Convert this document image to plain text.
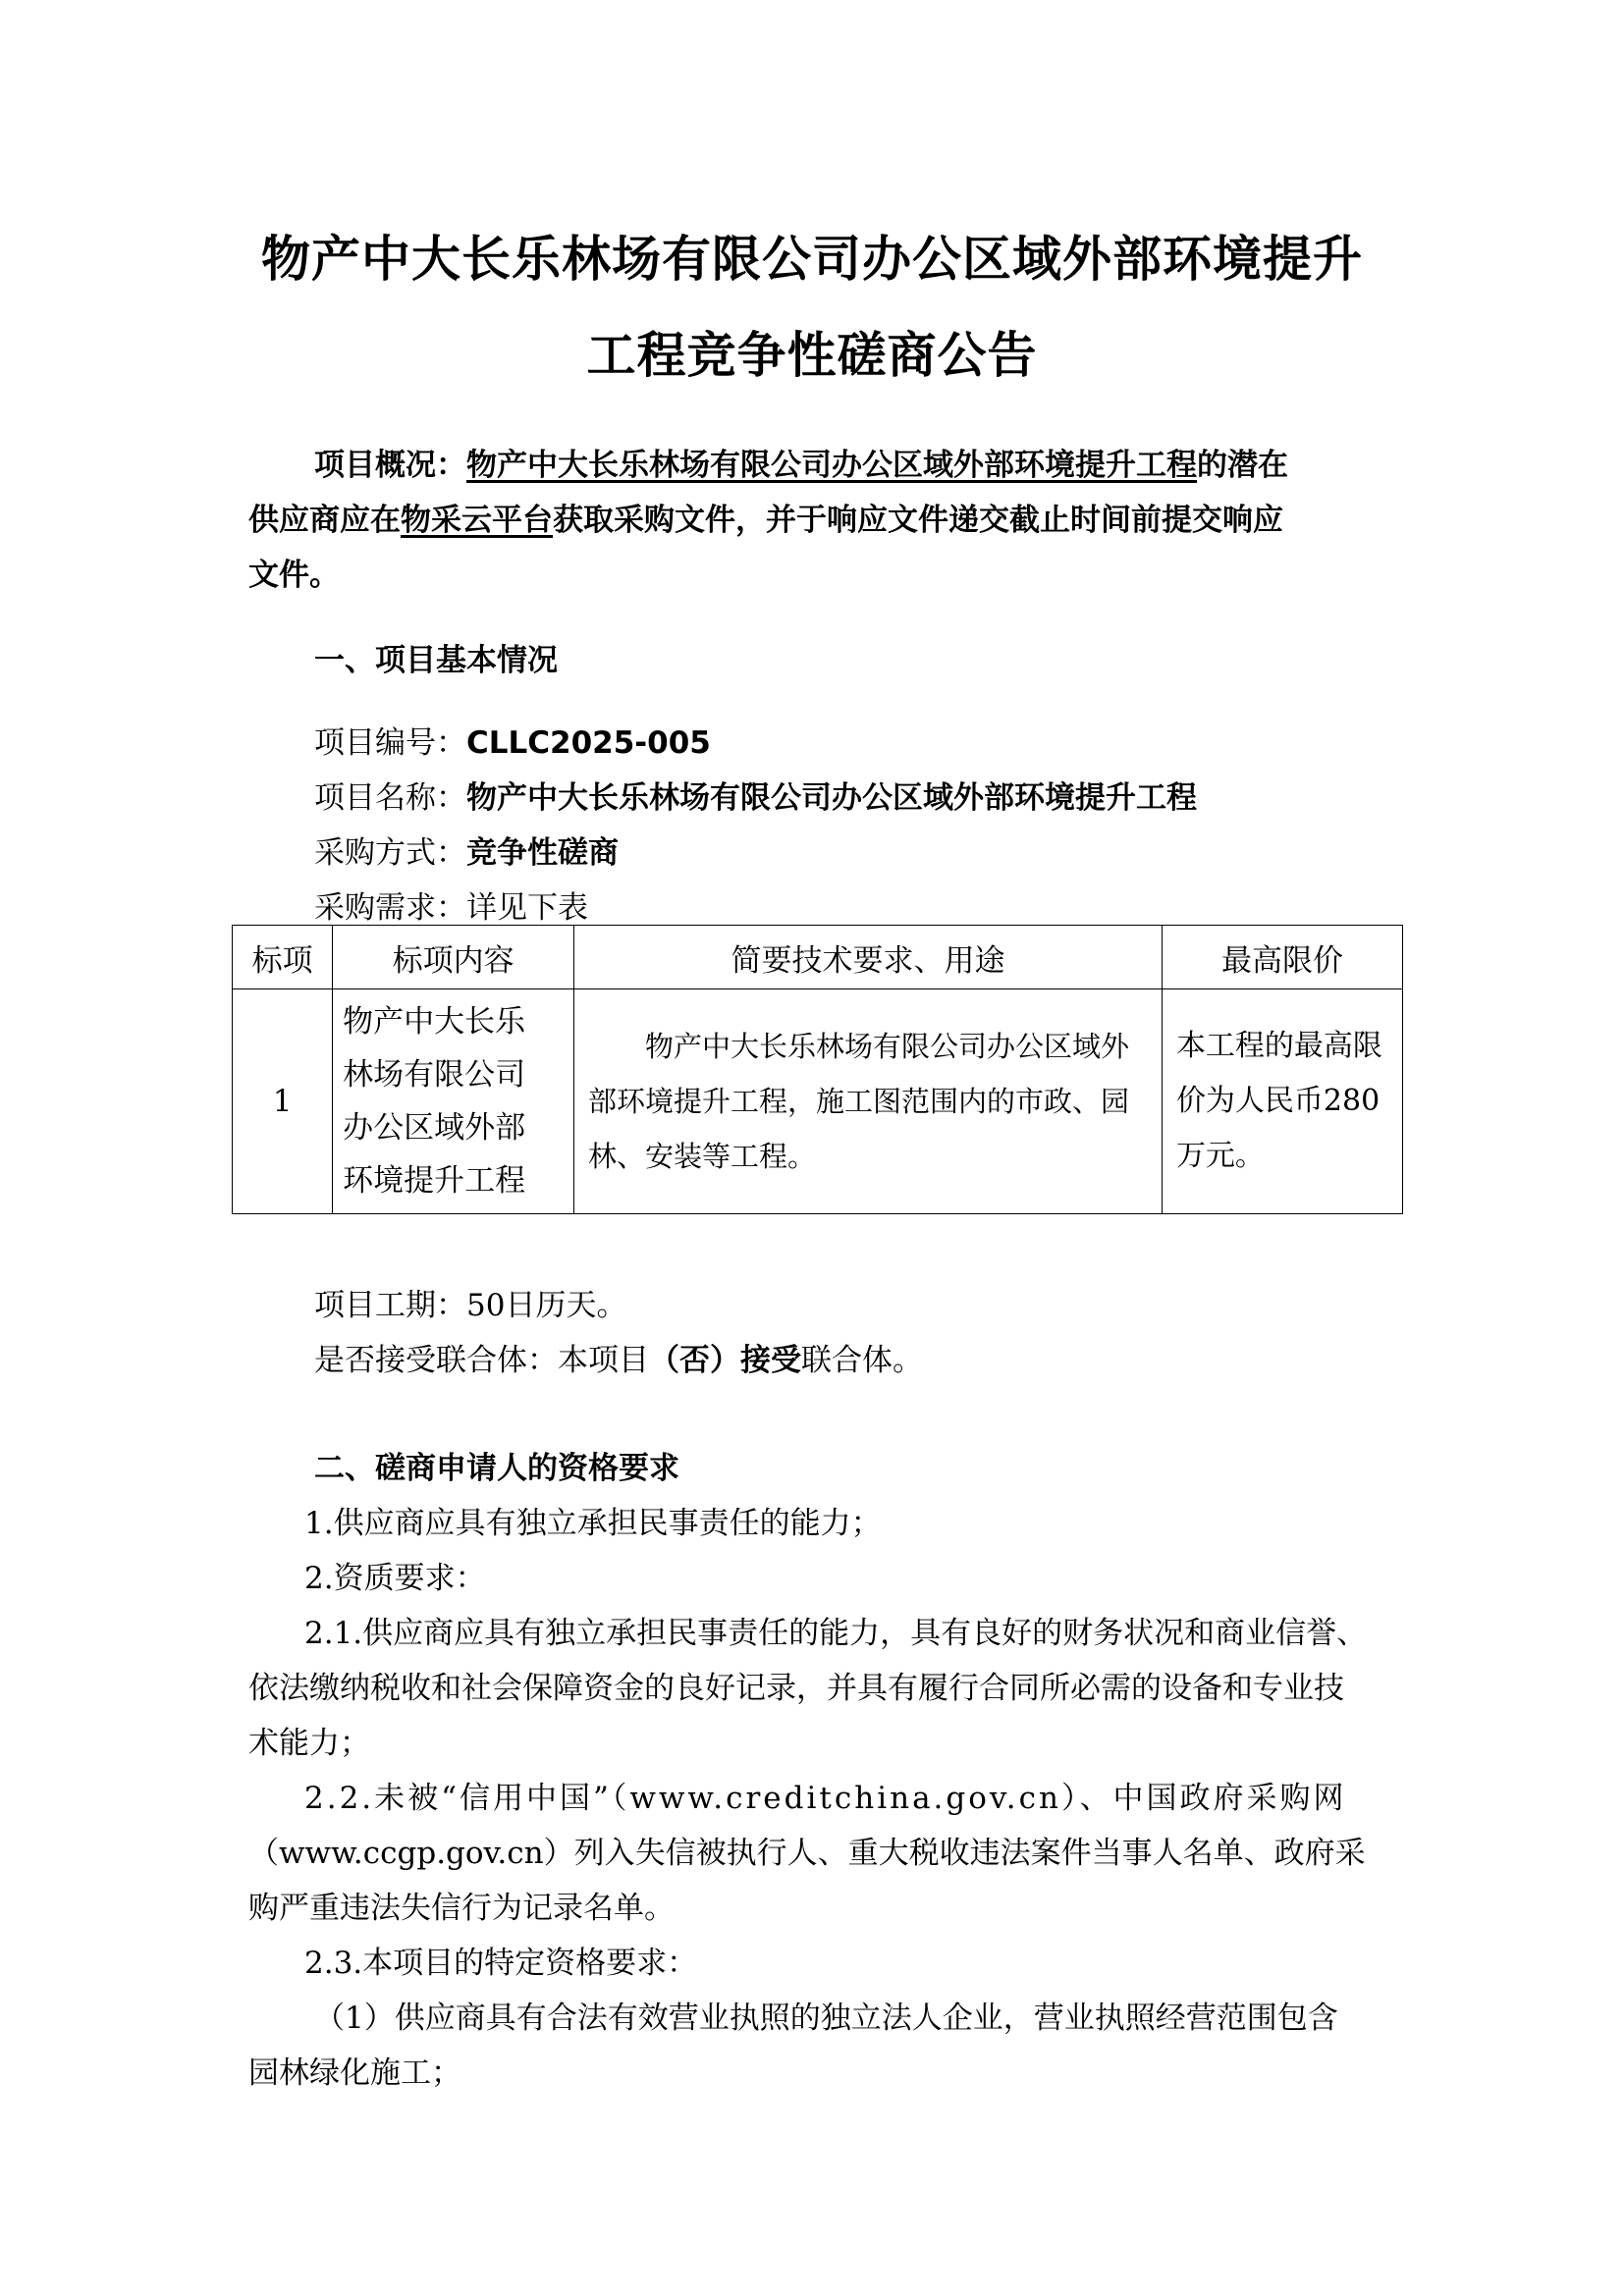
物产中大长乐林场有限公司办公区域外部环境提升
工程竞争性磋商公告
项目概况：物产中大长乐林场有限公司办公区域外部环境提升工程的潜在
供应商应在物采云平台获取采购文件，并于响应文件递交截止时间前提交响应
文件。
一、项目基本情况
项目编号：CLLC2025-005
项目名称：物产中大长乐林场有限公司办公区域外部环境提升工程
采购方式：竞争性磋商
采购需求：详见下表
标项	标项内容	简要技术要求、用途	最高限价
1	物产中大长乐
林场有限公司
办公区域外部
环境提升工程	物产中大长乐林场有限公司办公区域外部环境提升工程，施工图范围内的市政、园林、安装等工程。	本工程的最高限价为人民币280万元。
项目工期：50日历天。
是否接受联合体：本项目（否）接受联合体。
二、磋商申请人的资格要求
1.供应商应具有独立承担民事责任的能力；
2.资质要求：
2.1.供应商应具有独立承担民事责任的能力，具有良好的财务状况和商业信誉、
依法缴纳税收和社会保障资金的良好记录，并具有履行合同所必需的设备和专业技
术能力；
2.2.未被“信用中国”（www.creditchina.gov.cn）、中国政府采购网
（www.ccgp.gov.cn）列入失信被执行人、重大税收违法案件当事人名单、政府采
购严重违法失信行为记录名单。
2.3.本项目的特定资格要求：
（1）供应商具有合法有效营业执照的独立法人企业，营业执照经营范围包含
园林绿化施工；
